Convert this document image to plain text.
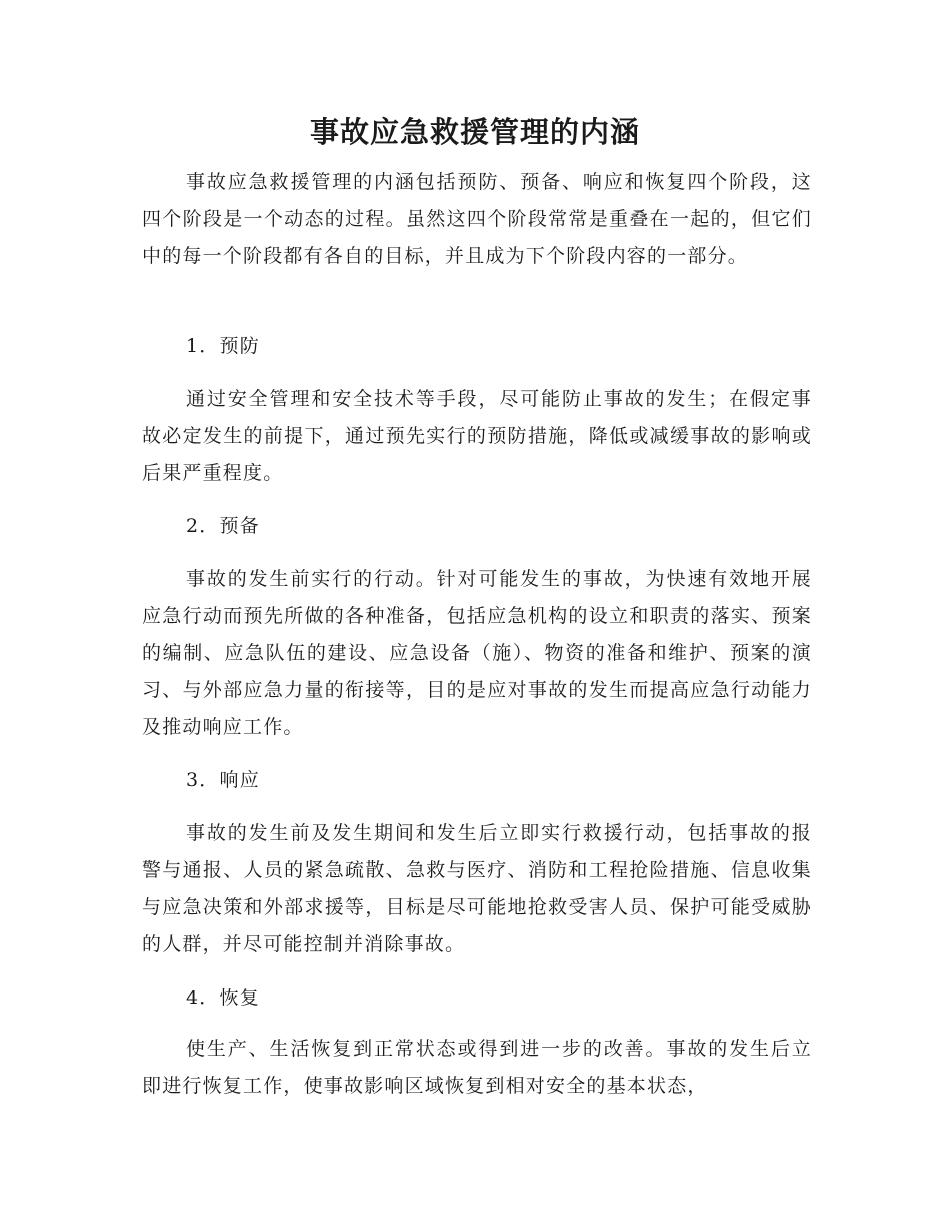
事故应急救援管理的内涵

事故应急救援管理的内涵包括预防、预备、响应和恢复四个阶段，这四个阶段是一个动态的过程。虽然这四个阶段常常是重叠在一起的，但它们中的每一个阶段都有各自的目标，并且成为下个阶段内容的一部分。

1．预防

通过安全管理和安全技术等手段，尽可能防止事故的发生；在假定事故必定发生的前提下，通过预先实行的预防措施，降低或减缓事故的影响或后果严重程度。

2．预备

事故的发生前实行的行动。针对可能发生的事故，为快速有效地开展应急行动而预先所做的各种准备，包括应急机构的设立和职责的落实、预案的编制、应急队伍的建设、应急设备（施）、物资的准备和维护、预案的演习、与外部应急力量的衔接等，目的是应对事故的发生而提高应急行动能力及推动响应工作。

3．响应

事故的发生前及发生期间和发生后立即实行救援行动，包括事故的报警与通报、人员的紧急疏散、急救与医疗、消防和工程抢险措施、信息收集与应急决策和外部求援等，目标是尽可能地抢救受害人员、保护可能受威胁的人群，并尽可能控制并消除事故。

4．恢复

使生产、生活恢复到正常状态或得到进一步的改善。事故的发生后立即进行恢复工作，使事故影响区域恢复到相对安全的基本状态，
